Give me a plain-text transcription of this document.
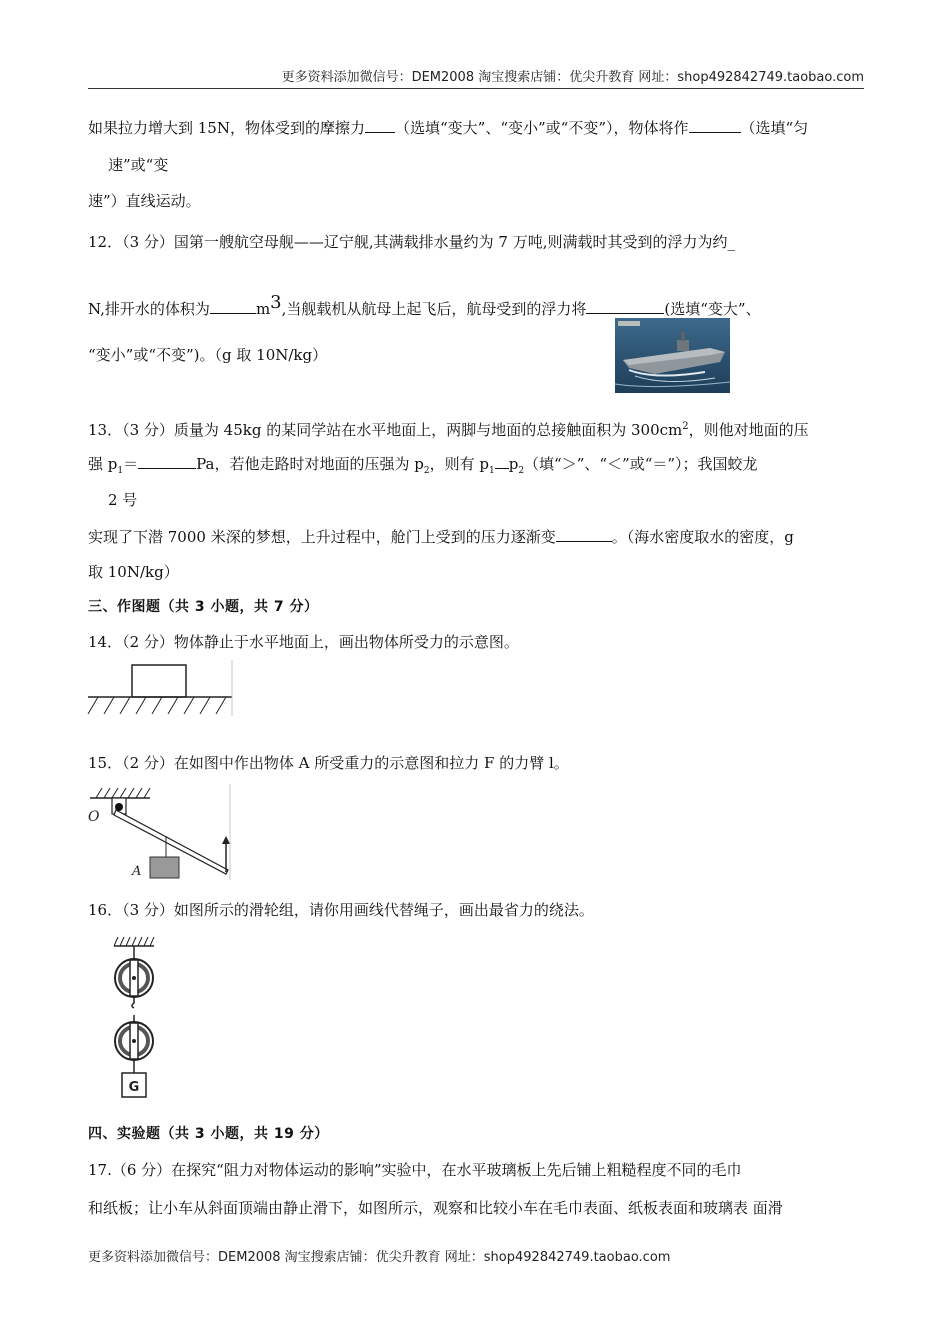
更多资料添加微信号：DEM2008 淘宝搜索店铺：优尖升教育 网址：shop492842749.taobao.com
如果拉力增大到 15N，物体受到的摩擦力 （选填“变大”、“变小”或“不变”），物体将作	（选填“匀
速”或“变
速”）直线运动。
12．（3 分）国第一艘航空母舰——辽宁舰,其满载排水量约为 7 万吨,则满载时其受到的浮力为约_
N,排开水的体积为	m3,当舰载机从航母上起飞后，航母受到的浮力将	(选填“变大”、
“变小”或“不变”)。（g 取 10N/kg）
13．（3 分）质量为 45kg 的某同学站在水平地面上，两脚与地面的总接触面积为 $300cm^2$，则他对地面的压
强 $p_1=$	Pa，若他走路时对地面的压强为 $p_2$，则有 $p_1$ $p_2$（填“＞”、“＜”或“＝”）；我国蛟龙
2 号
实现了下潜 7000 米深的梦想，上升过程中，舱门上受到的压力逐渐变	。（海水密度取水的密度，g
取 10N/kg）
三、作图题（共 3 小题，共 7 分）
14．（2 分）物体静止于水平地面上，画出物体所受力的示意图。
15．（2 分）在如图中作出物体 A 所受重力的示意图和拉力 F 的力臂 l。
O
A
16．（3 分）如图所示的滑轮组，请你用画线代替绳子，画出最省力的绕法。
G
四、实验题（共 3 小题，共 19 分）
17.（6 分）在探究“阻力对物体运动的影响”实验中，在水平玻璃板上先后铺上粗糙程度不同的毛巾
和纸板；让小车从斜面顶端由静止滑下，如图所示，观察和比较小车在毛巾表面、纸板表面和玻璃表 面滑
更多资料添加微信号：DEM2008 淘宝搜索店铺：优尖升教育 网址：shop492842749.taobao.com
